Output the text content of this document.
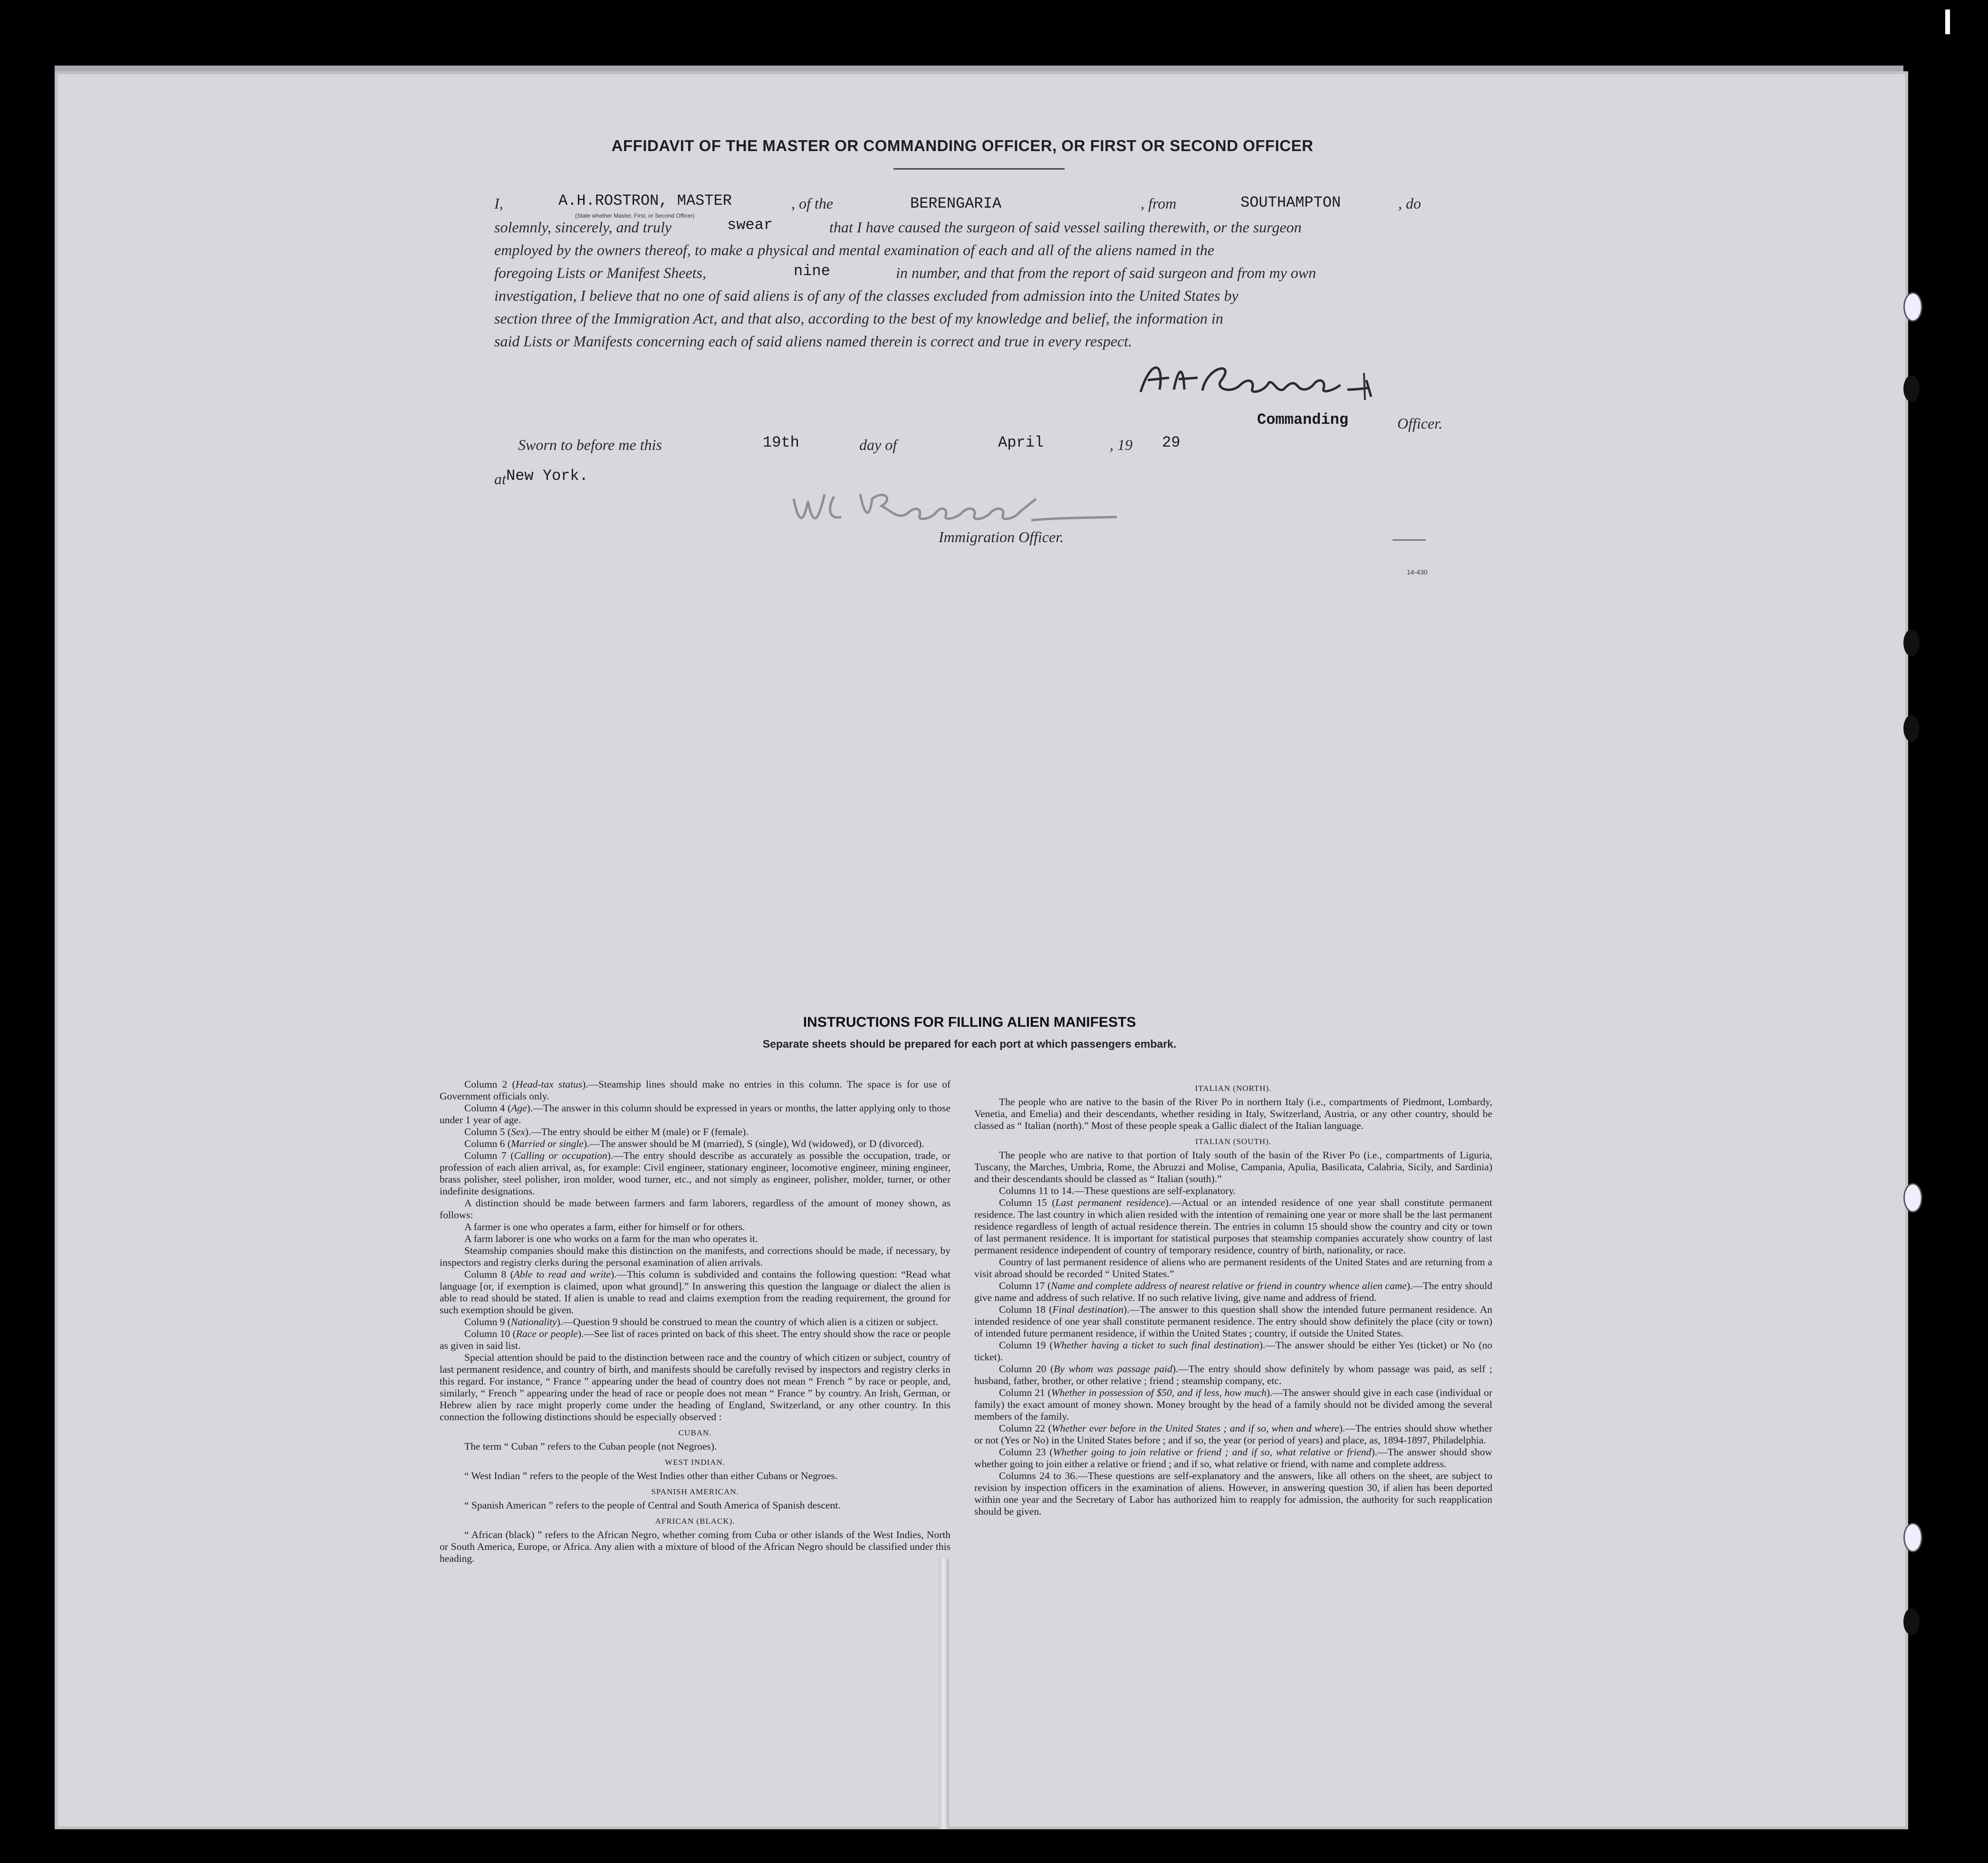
AFFIDAVIT OF THE MASTER OR COMMANDING OFFICER, OR FIRST OR SECOND OFFICER
I,	A.H.ROSTRON, MASTER
(State whether Master, First, or Second Officer)
, of the	BERENGARIA	, from	SOUTHAMPTON	, do
solemnly, sincerely, and truly	swear	that I have caused the surgeon of said vessel sailing therewith, or the surgeon
employed by the owners thereof, to make a physical and mental examination of each and all of the aliens named in the
foregoing Lists or Manifest Sheets,	nine	in number, and that from the report of said surgeon and from my own
investigation, I believe that no one of said aliens is of any of the classes excluded from admission into the United States by
section three of the Immigration Act, and that also, according to the best of my knowledge and belief, the information in
said Lists or Manifests concerning each of said aliens named therein is correct and true in every respect.
Commanding	Officer.
Sworn to before me this	19th	day of	April	, 19 29
at New York.
Immigration Officer.
14-430
INSTRUCTIONS FOR FILLING ALIEN MANIFESTS
Separate sheets should be prepared for each port at which passengers embark.

Column 2 (Head-tax status).—Steamship lines should make no entries in this column. The space is for use of Government officials only.

Column 4 (Age).—The answer in this column should be expressed in years or months, the latter applying only to those under 1 year of age.

Column 5 (Sex).—The entry should be either M (male) or F (female).

Column 6 (Married or single).—The answer should be M (married), S (single), Wd (widowed), or D (divorced).

Column 7 (Calling or occupation).—The entry should describe as accurately as possible the occupation, trade, or profession of each alien arrival, as, for example: Civil engineer, stationary engineer, locomotive engineer, mining engineer, brass polisher, steel polisher, iron molder, wood turner, etc., and not simply as engineer, polisher, molder, turner, or other indefinite designations.

A distinction should be made between farmers and farm laborers, regardless of the amount of money shown, as follows:

A farmer is one who operates a farm, either for himself or for others.

A farm laborer is one who works on a farm for the man who operates it.

Steamship companies should make this distinction on the manifests, and corrections should be made, if necessary, by inspectors and registry clerks during the personal examination of alien arrivals.

Column 8 (Able to read and write).—This column is subdivided and contains the following question: “Read what language [or, if exemption is claimed, upon what ground].” In answering this question the language or dialect the alien is able to read should be stated. If alien is unable to read and claims exemption from the reading requirement, the ground for such exemption should be given.

Column 9 (Nationality).—Question 9 should be construed to mean the country of which alien is a citizen or subject.

Column 10 (Race or people).—See list of races printed on back of this sheet. The entry should show the race or people as given in said list.

Special attention should be paid to the distinction between race and the country of which citizen or subject, country of last permanent residence, and country of birth, and manifests should be carefully revised by inspectors and registry clerks in this regard. For instance, “ France ” appearing under the head of country does not mean “ French ” by race or people, and, similarly, “ French ” appearing under the head of race or people does not mean “ France ” by country. An Irish, German, or Hebrew alien by race might properly come under the heading of England, Switzerland, or any other country. In this connection the following distinctions should be especially observed :

CUBAN.

The term “ Cuban ” refers to the Cuban people (not Negroes).

WEST INDIAN.

“ West Indian ” refers to the people of the West Indies other than either Cubans or Negroes.

SPANISH AMERICAN.

“ Spanish American ” refers to the people of Central and South America of Spanish descent.

AFRICAN (BLACK).

“ African (black) ” refers to the African Negro, whether coming from Cuba or other islands of the West Indies, North or South America, Europe, or Africa. Any alien with a mixture of blood of the African Negro should be classified under this heading.

ITALIAN (NORTH).

The people who are native to the basin of the River Po in northern Italy (i.e., compartments of Piedmont, Lombardy, Venetia, and Emelia) and their descendants, whether residing in Italy, Switzerland, Austria, or any other country, should be classed as “ Italian (north).” Most of these people speak a Gallic dialect of the Italian language.

ITALIAN (SOUTH).

The people who are native to that portion of Italy south of the basin of the River Po (i.e., compartments of Liguria, Tuscany, the Marches, Umbria, Rome, the Abruzzi and Molise, Campania, Apulia, Basilicata, Calabria, Sicily, and Sardinia) and their descendants should be classed as “ Italian (south).”

Columns 11 to 14.—These questions are self-explanatory.

Column 15 (Last permanent residence).—Actual or an intended residence of one year shall constitute permanent residence. The last country in which alien resided with the intention of remaining one year or more shall be the last permanent residence regardless of length of actual residence therein. The entries in column 15 should show the country and city or town of last permanent residence. It is important for statistical purposes that steamship companies accurately show country of last permanent residence independent of country of temporary residence, country of birth, nationality, or race.

Country of last permanent residence of aliens who are permanent residents of the United States and are returning from a visit abroad should be recorded “ United States.”

Column 17 (Name and complete address of nearest relative or friend in country whence alien came).—The entry should give name and address of such relative. If no such relative living, give name and address of friend.

Column 18 (Final destination).—The answer to this question shall show the intended future permanent residence. An intended residence of one year shall constitute permanent residence. The entry should show definitely the place (city or town) of intended future permanent residence, if within the United States ; country, if outside the United States.

Column 19 (Whether having a ticket to such final destination).—The answer should be either Yes (ticket) or No (no ticket).

Column 20 (By whom was passage paid).—The entry should show definitely by whom passage was paid, as self ; husband, father, brother, or other relative ; friend ; steamship company, etc.

Column 21 (Whether in possession of $50, and if less, how much).—The answer should give in each case (individual or family) the exact amount of money shown. Money brought by the head of a family should not be divided among the several members of the family.

Column 22 (Whether ever before in the United States ; and if so, when and where).—The entries should show whether or not (Yes or No) in the United States before ; and if so, the year (or period of years) and place, as, 1894-1897, Philadelphia.

Column 23 (Whether going to join relative or friend ; and if so, what relative or friend).—The answer should show whether going to join either a relative or friend ; and if so, what relative or friend, with name and complete address.

Columns 24 to 36.—These questions are self-explanatory and the answers, like all others on the sheet, are subject to revision by inspection officers in the examination of aliens. However, in answering question 30, if alien has been deported within one year and the Secretary of Labor has authorized him to reapply for admission, the authority for such reapplication should be given.
